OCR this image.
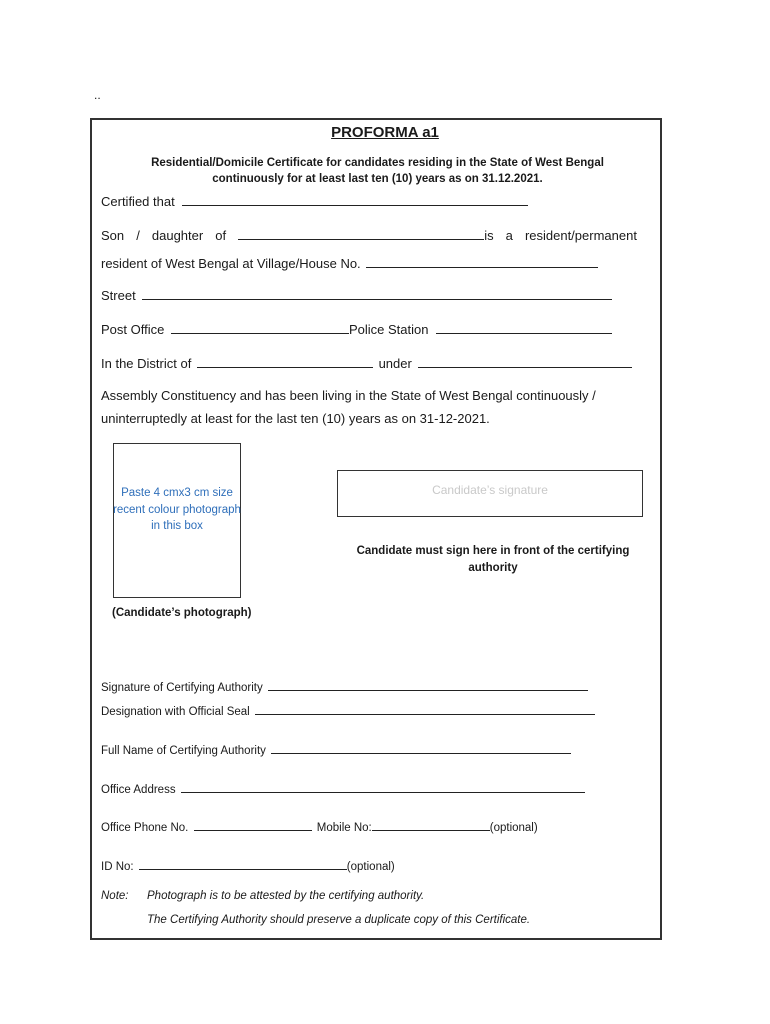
..
PROFORMA a1
Residential/Domicile Certificate for candidates residing in the State of West Bengal
continuously for at least last ten (10) years as on 31.12.2021.
Certified that
Son / daughter of	is a resident/permanent
resident of West Bengal at Village/House No.
Street
Post Office	Police Station
In the District of	under
Assembly Constituency and has been living in the State of West Bengal continuously /
uninterruptedly at least for the last ten (10) years as on 31-12-2021.
Paste 4 cmx3 cm size recent colour photograph in this box
(Candidate’s photograph)
Candidate’s signature
Candidate must sign here in front of the certifying authority
Signature of Certifying Authority
Designation with Official Seal
Full Name of Certifying Authority
Office Address
Office Phone No.	Mobile No:	(optional)
ID No:	(optional)
Note: Photograph is to be attested by the certifying authority.
The Certifying Authority should preserve a duplicate copy of this Certificate.
